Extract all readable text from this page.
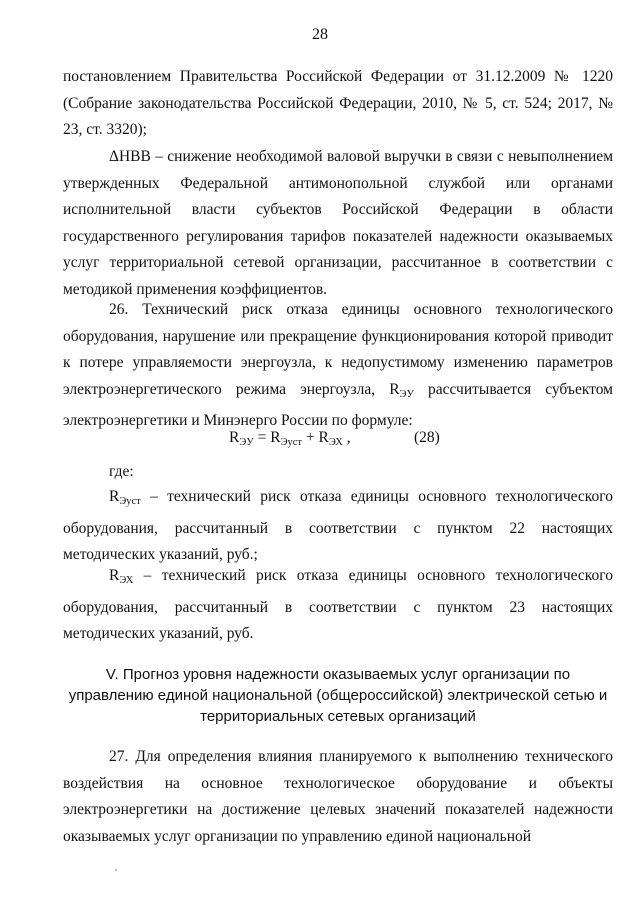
28
постановлением Правительства Российской Федерации от 31.12.2009 № 1220 (Собрание законодательства Российской Федерации, 2010, № 5, ст. 524; 2017, № 23, ст. 3320);
ΔНВВ – снижение необходимой валовой выручки в связи с невыполнением утвержденных Федеральной антимонопольной службой или органами исполнительной власти субъектов Российской Федерации в области государственного регулирования тарифов показателей надежности оказываемых услуг территориальной сетевой организации, рассчитанное в соответствии с методикой применения коэффициентов.
26. Технический риск отказа единицы основного технологического оборудования, нарушение или прекращение функционирования которой приводит к потере управляемости энергоузла, к недопустимому изменению параметров электроэнергетического режима энергоузла, $R_{ЭУ}$ рассчитывается субъектом электроэнергетики и Минэнерго России по формуле:
$R_{ЭУ} = R_{Эуст} + R_{ЭХ}$ ,	(28)
где:
$R_{Эуст}$ – технический риск отказа единицы основного технологического оборудования, рассчитанный в соответствии с пунктом 22 настоящих методических указаний, руб.;
$R_{ЭХ}$ – технический риск отказа единицы основного технологического оборудования, рассчитанный в соответствии с пунктом 23 настоящих методических указаний, руб.
V. Прогноз уровня надежности оказываемых услуг организации по управлению единой национальной (общероссийской) электрической сетью и территориальных сетевых организаций
27. Для определения влияния планируемого к выполнению технического воздействия на основное технологическое оборудование и объекты электроэнергетики на достижение целевых значений показателей надежности оказываемых услуг организации по управлению единой национальной
